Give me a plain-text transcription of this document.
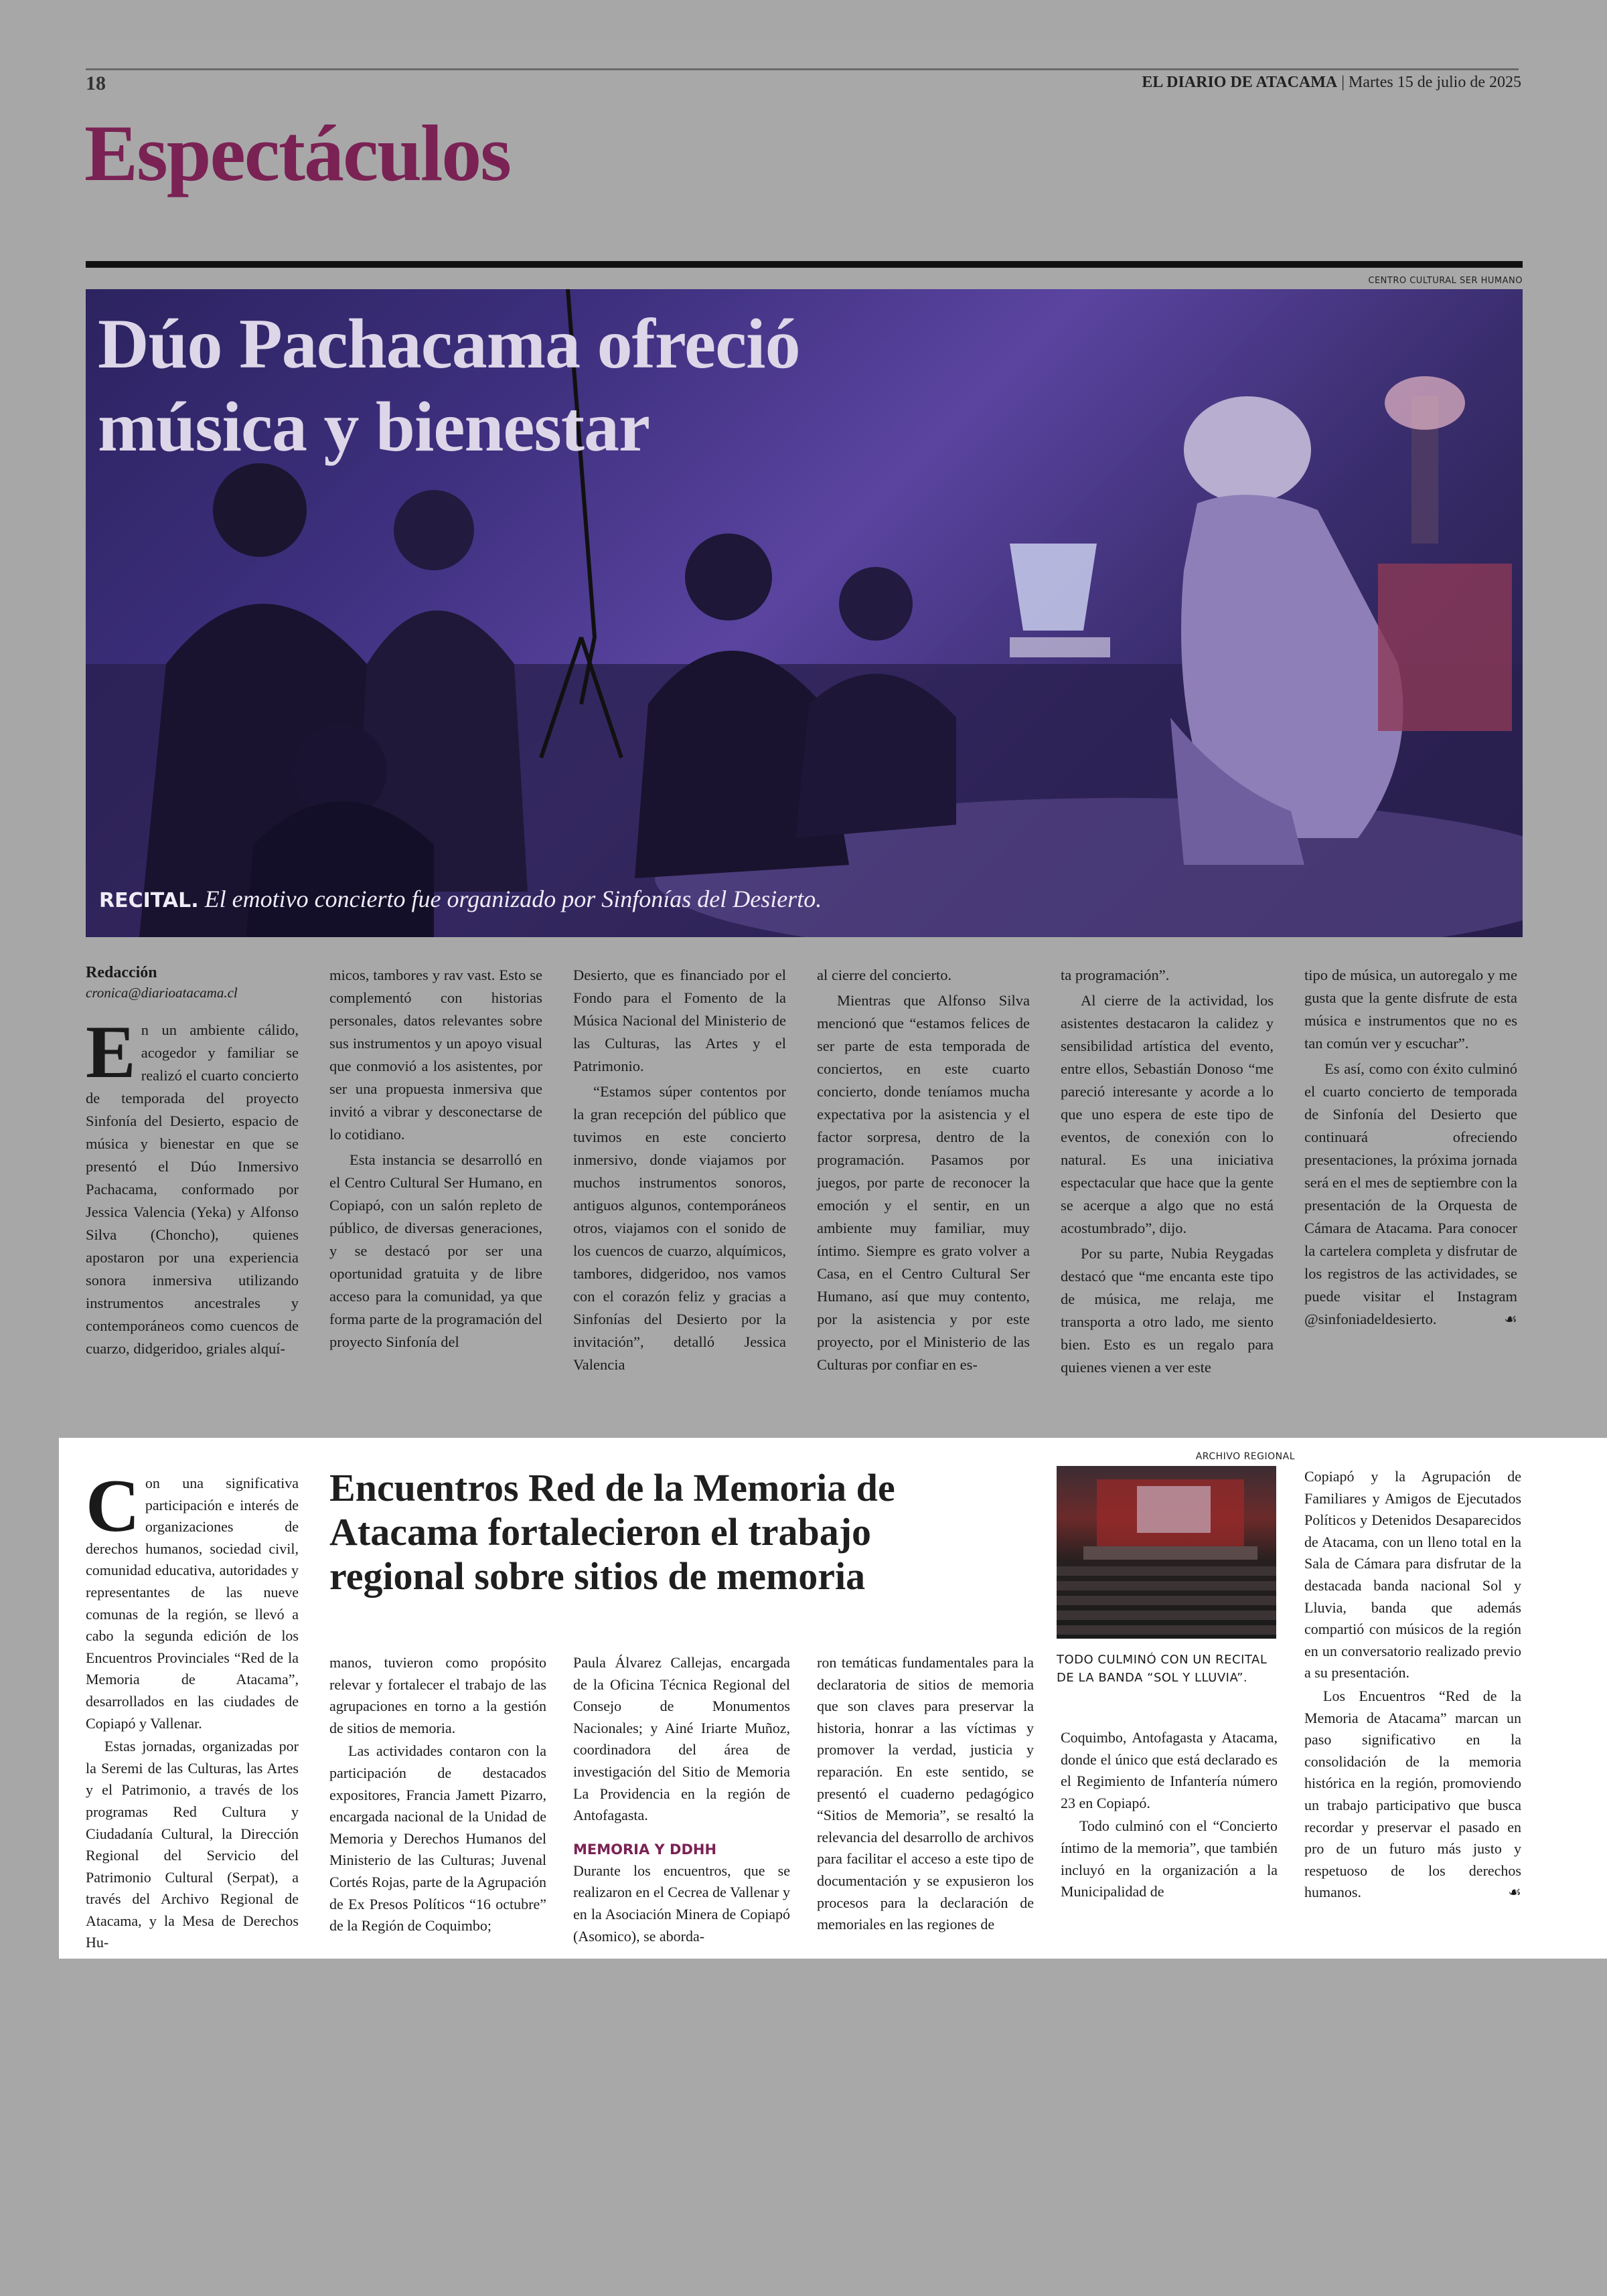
18	EL DIARIO DE ATACAMA | Martes 15 de julio de 2025
Espectáculos
CENTRO CULTURAL SER HUMANO
Dúo Pachacama ofreció
música y bienestar
RECITAL. El emotivo concierto fue organizado por Sinfonías del Desierto.
Redacción
cronica@diarioatacama.cl

En un ambiente cálido, acogedor y familiar se realizó el cuarto concierto de temporada del proyecto Sinfonía del Desierto, espacio de música y bienestar en que se presentó el Dúo Inmersivo Pachacama, conformado por Jessica Valencia (Yeka) y Alfonso Silva (Choncho), quienes apostaron por una experiencia sonora inmersiva utilizando instrumentos ancestrales y contemporáneos como cuencos de cuarzo, didgeridoo, griales alquí-

micos, tambores y rav vast. Esto se complementó con historias personales, datos relevantes sobre sus instrumentos y un apoyo visual que conmovió a los asistentes, por ser una propuesta inmersiva que invitó a vibrar y desconectarse de lo cotidiano.

Esta instancia se desarrolló en el Centro Cultural Ser Humano, en Copiapó, con un salón repleto de público, de diversas generaciones, y se destacó por ser una oportunidad gratuita y de libre acceso para la comunidad, ya que forma parte de la programación del proyecto Sinfonía del

Desierto, que es financiado por el Fondo para el Fomento de la Música Nacional del Ministerio de las Culturas, las Artes y el Patrimonio.

“Estamos súper contentos por la gran recepción del público que tuvimos en este concierto inmersivo, donde viajamos por muchos instrumentos sonoros, antiguos algunos, contemporáneos otros, viajamos con el sonido de los cuencos de cuarzo, alquímicos, tambores, didgeridoo, nos vamos con el corazón feliz y gracias a Sinfonías del Desierto por la invitación”, detalló Jessica Valencia

al cierre del concierto.

Mientras que Alfonso Silva mencionó que “estamos felices de ser parte de esta temporada de conciertos, en este cuarto concierto, donde teníamos mucha expectativa por la asistencia y el factor sorpresa, dentro de la programación. Pasamos por juegos, por parte de reconocer la emoción y el sentir, en un ambiente muy familiar, muy íntimo. Siempre es grato volver a Casa, en el Centro Cultural Ser Humano, así que muy contento, por la asistencia y por este proyecto, por el Ministerio de las Culturas por confiar en es-

ta programación”.

Al cierre de la actividad, los asistentes destacaron la calidez y sensibilidad artística del evento, entre ellos, Sebastián Donoso “me pareció interesante y acorde a lo que uno espera de este tipo de eventos, de conexión con lo natural. Es una iniciativa espectacular que hace que la gente se acerque a algo que no está acostumbrado”, dijo.

Por su parte, Nubia Reygadas destacó que “me encanta este tipo de música, me relaja, me transporta a otro lado, me siento bien. Esto es un regalo para quienes vienen a ver este

tipo de música, un autoregalo y me gusta que la gente disfrute de esta música e instrumentos que no es tan común ver y escuchar”.

Es así, como con éxito culminó el cuarto concierto de temporada de Sinfonía del Desierto que continuará ofreciendo presentaciones, la próxima jornada será en el mes de septiembre con la presentación de la Orquesta de Cámara de Atacama. Para conocer la cartelera completa y disfrutar de los registros de las actividades, se puede visitar el Instagram @sinfoniadeldesierto.	☙

Encuentros Red de la Memoria de
Atacama fortalecieron el trabajo
regional sobre sitios de memoria

Con una significativa participación e interés de organizaciones de derechos humanos, sociedad civil, comunidad educativa, autoridades y representantes de las nueve comunas de la región, se llevó a cabo la segunda edición de los Encuentros Provinciales “Red de la Memoria de Atacama”, desarrollados en las ciudades de Copiapó y Vallenar.

Estas jornadas, organizadas por la Seremi de las Culturas, las Artes y el Patrimonio, a través de los programas Red Cultura y Ciudadanía Cultural, la Dirección Regional del Servicio del Patrimonio Cultural (Serpat), a través del Archivo Regional de Atacama, y la Mesa de Derechos Hu-

manos, tuvieron como propósito relevar y fortalecer el trabajo de las agrupaciones en torno a la gestión de sitios de memoria.

Las actividades contaron con la participación de destacados expositores, Francia Jamett Pizarro, encargada nacional de la Unidad de Memoria y Derechos Humanos del Ministerio de las Culturas; Juvenal Cortés Rojas, parte de la Agrupación de Ex Presos Políticos “16 octubre” de la Región de Coquimbo;

Paula Álvarez Callejas, encargada de la Oficina Técnica Regional del Consejo de Monumentos Nacionales; y Ainé Iriarte Muñoz, coordinadora del área de investigación del Sitio de Memoria La Providencia en la región de Antofagasta.

MEMORIA Y DDHH

Durante los encuentros, que se realizaron en el Cecrea de Vallenar y en la Asociación Minera de Copiapó (Asomico), se aborda-

ron temáticas fundamentales para la declaratoria de sitios de memoria que son claves para preservar la historia, honrar a las víctimas y promover la verdad, justicia y reparación. En este sentido, se presentó el cuaderno pedagógico “Sitios de Memoria”, se resaltó la relevancia del desarrollo de archivos para facilitar el acceso a este tipo de documentación y se expusieron los procesos para la declaración de memoriales en las regiones de

TODO CULMINÓ CON UN RECITAL DE LA BANDA “SOL Y LLUVIA”.

Coquimbo, Antofagasta y Atacama, donde el único que está declarado es el Regimiento de Infantería número 23 en Copiapó.

Todo culminó con el “Concierto íntimo de la memoria”, que también incluyó en la organización a la Municipalidad de

Copiapó y la Agrupación de Familiares y Amigos de Ejecutados Políticos y Detenidos Desaparecidos de Atacama, con un lleno total en la Sala de Cámara para disfrutar de la destacada banda nacional Sol y Lluvia, banda que además compartió con músicos de la región en un conversatorio realizado previo a su presentación.

Los Encuentros “Red de la Memoria de Atacama” marcan un paso significativo en la consolidación de la memoria histórica en la región, promoviendo un trabajo participativo que busca recordar y preservar el pasado en pro de un futuro más justo y respetuoso de los derechos humanos.	☙

ARCHIVO REGIONAL
